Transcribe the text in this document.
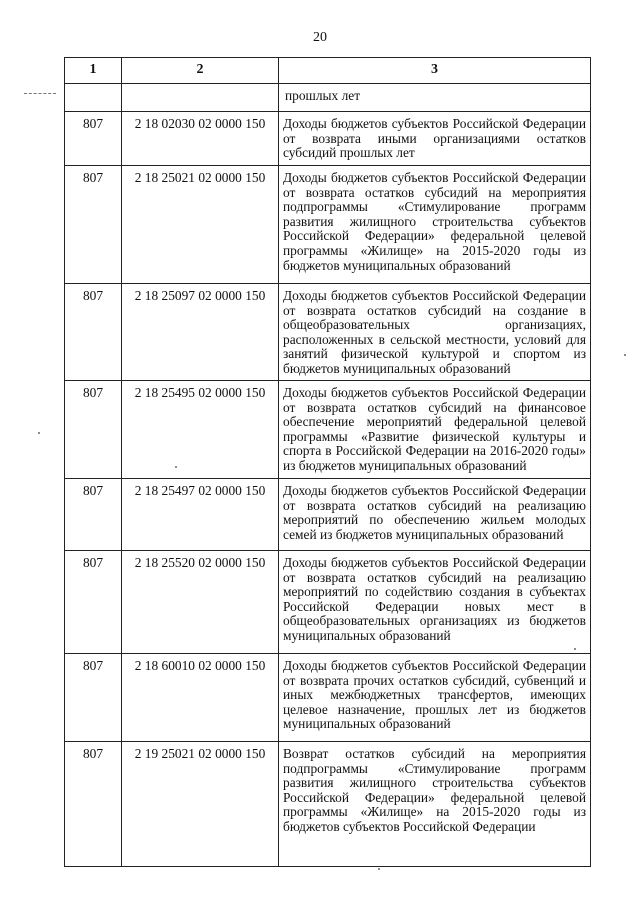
20
1	2	3

		прошлых лет

807	2 18 02030 02 0000 150	Доходы бюджетов субъектов Российской Федерации от возврата иными организациями остатков субсидий прошлых лет

807	2 18 25021 02 0000 150	Доходы бюджетов субъектов Российской Федерации от возврата остатков субсидий на мероприятия подпрограммы «Стимулирование программ развития жилищного строительства субъектов Российской Федерации» федеральной целевой программы «Жилище» на 2015-2020 годы из бюджетов муниципальных образований

807	2 18 25097 02 0000 150	Доходы бюджетов субъектов Российской Федерации от возврата остатков субсидий на создание в общеобразовательных организациях, расположенных в сельской местности, условий для занятий физической культурой и спортом из бюджетов муниципальных образований

807	2 18 25495 02 0000 150	Доходы бюджетов субъектов Российской Федерации от возврата остатков субсидий на финансовое обеспечение мероприятий федеральной целевой программы «Развитие физической культуры и спорта в Российской Федерации на 2016-2020 годы» из бюджетов муниципальных образований

807	2 18 25497 02 0000 150	Доходы бюджетов субъектов Российской Федерации от возврата остатков субсидий на реализацию мероприятий по обеспечению жильем молодых семей из бюджетов муниципальных образований

807	2 18 25520 02 0000 150	Доходы бюджетов субъектов Российской Федерации от возврата остатков субсидий на реализацию мероприятий по содействию создания в субъектах Российской Федерации новых мест в общеобразовательных организациях из бюджетов муниципальных образований

807	2 18 60010 02 0000 150	Доходы бюджетов субъектов Российской Федерации от возврата прочих остатков субсидий, субвенций и иных межбюджетных трансфертов, имеющих целевое назначение, прошлых лет из бюджетов муниципальных образований

807	2 19 25021 02 0000 150	Возврат остатков субсидий на мероприятия подпрограммы «Стимулирование программ развития жилищного строительства субъектов Российской Федерации» федеральной целевой программы «Жилище» на 2015-2020 годы из бюджетов субъектов Российской Федерации
